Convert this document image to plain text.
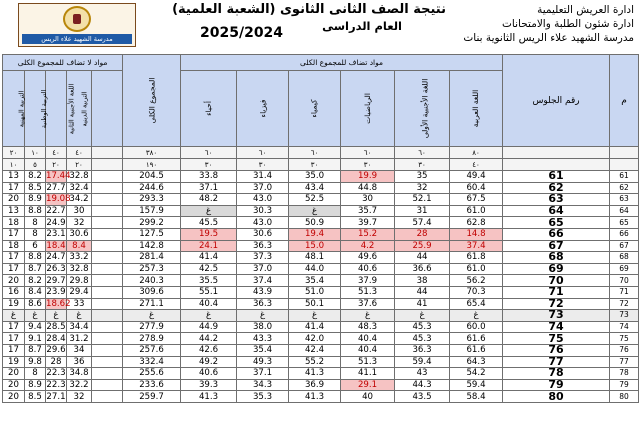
ادارة العريش التعليمية
ادارة شئون الطلبة والامتحانات
مدرسة الشهيد علاء الريس الثانوية بنات
نتيجة الصف الثانى الثانوى (الشعبة العلمية)
العام الدراسى
2025/2024
مدرسة الشهيد علاء الريس
مواد لا تضاف للمجموع الكلى					المجموع الكلى	مواد تضاف للمجموع الكلى						رقم الجلوس	م
التربية المهنية	التربية الوطنية	اللغة الأجنبية الثانية	التربية الدينية			أحياء	فيزياء	كيمياء	الرياضيات	اللغة الأجنبية الأولى	اللغة العربية		
٢٠	١٠	٤٠	٤٠		٣٨٠	٦٠	٦٠	٦٠	٦٠	٦٠	٨٠		
١٠	٥	٢٠	٢٠		١٩٠	٣٠	٣٠	٣٠	٣٠	٣٠	٤٠		
13	8.2	17.44	32.8		204.5	33.8	31.4	35.0	19.9	35	49.4	61	61
17	8.5	27.7	32.4		244.6	37.1	37.0	43.4	44.8	32	60.4	62	62
20	8.9	19.08	34.2		293.3	48.2	43.0	52.5	30	52.1	67.5	63	63
13	8.8	22.7	30		157.9	غ	30.3	غ	35.7	31	61.0	64	64
18	8	24.9	32		299.2	45.5	43.0	50.9	39.7	57.4	62.8	65	65
17	8	23.1	30.6		127.5	19.5	30.6	19.4	15.2	28	14.8	66	66
18	6	18.4	8.4		142.8	24.1	36.3	15.0	4.2	25.9	37.4	67	67
17	8.8	24.7	33.2		281.4	41.4	37.3	48.1	49.6	44	61.8	68	68
17	8.7	26.3	32.8		257.3	42.5	37.0	44.0	40.6	36.6	61.0	69	69
20	8.2	29.7	29.8		240.3	35.5	37.4	35.4	37.9	38	56.2	70	70
16	8.4	23.9	29.4		309.6	55.1	43.9	51.0	51.3	44	70.3	71	71
19	8.6	18.62	33		271.1	40.4	36.3	50.1	37.6	41	65.4	72	72
غ	غ	غ	غ		غ	غ	غ	غ	غ	غ	غ	73	73
17	9.4	28.5	34.4		277.9	44.9	38.0	41.4	48.3	45.3	60.0	74	74
17	9.1	28.4	31.2		278.9	44.2	43.3	42.0	40.4	45.3	61.6	75	75
17	8.7	29.6	34		257.6	42.6	35.4	42.4	40.4	36.3	61.6	76	76
19	9.8	28	36		332.4	49.2	49.3	55.2	51.3	59.4	64.3	77	77
20	8	22.3	34.8		255.6	40.6	37.1	41.3	41.1	43	54.2	78	78
20	8.9	22.3	32.2		233.6	39.3	34.3	36.9	29.1	44.3	59.4	79	79
20	8.5	27.1	32		259.7	41.3	35.3	41.3	40	43.5	58.4	80	80
